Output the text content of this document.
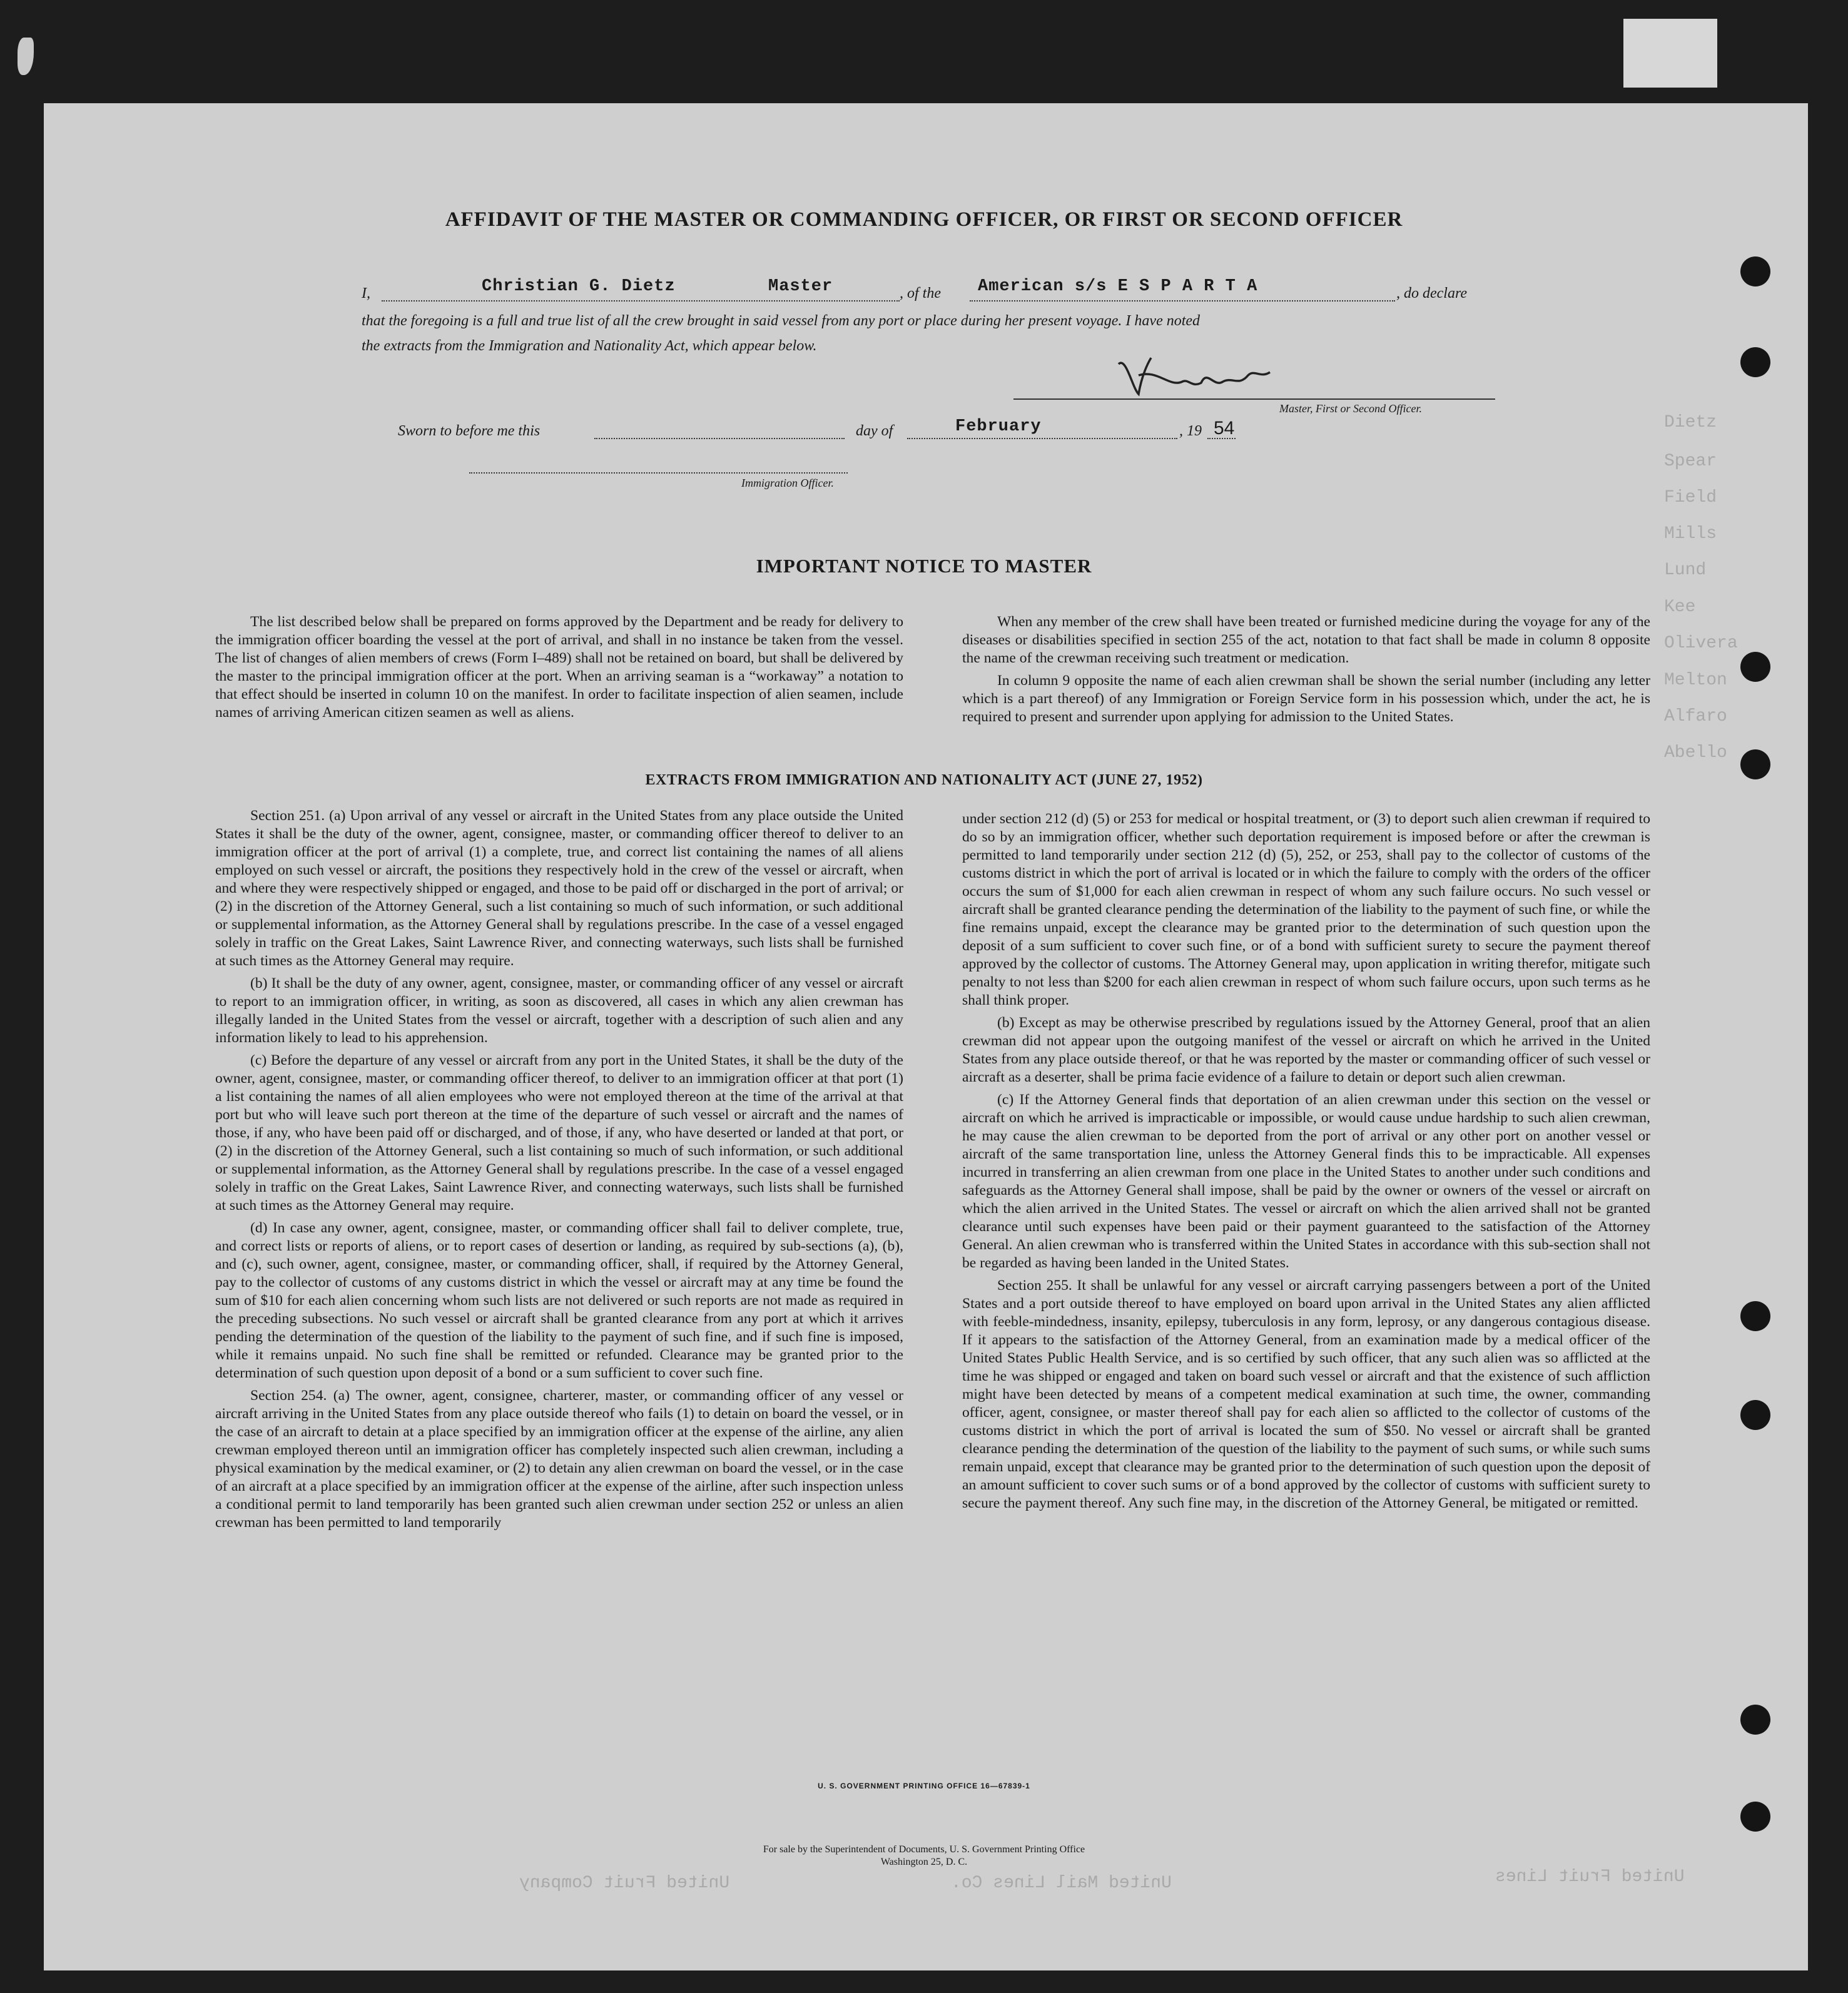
United Fruit Company	United Mail Lines Co.	United Fruit Lines
Dietz
Spear
Field
Mills
Lund
Kee
Olivera
Melton
Alfaro
Abello
AFFIDAVIT OF THE MASTER OR COMMANDING OFFICER, OR FIRST OR SECOND OFFICER
I,	Christian G. Dietz	Master	, of the American s/s E S P A R T A	, do declare
that the foregoing is a full and true list of all the crew brought in said vessel from any port or place during her present voyage. I have noted
the extracts from the Immigration and Nationality Act, which appear below.
Master, First or Second Officer.
Sworn to before me this	day of	February	, 19 54
Immigration Officer.
IMPORTANT NOTICE TO MASTER

The list described below shall be prepared on forms approved by the Department and be ready for delivery to the immigration officer boarding the vessel at the port of arrival, and shall in no instance be taken from the vessel. The list of changes of alien members of crews (Form I–489) shall not be retained on board, but shall be delivered by the master to the principal immigration officer at the port. When an arriving seaman is a “workaway” a notation to that effect should be inserted in column 10 on the manifest. In order to facilitate inspection of alien seamen, include names of arriving American citizen seamen as well as aliens.

When any member of the crew shall have been treated or furnished medicine during the voyage for any of the diseases or disabilities specified in section 255 of the act, notation to that fact shall be made in column 8 opposite the name of the crewman receiving such treatment or medication.

In column 9 opposite the name of each alien crewman shall be shown the serial number (including any letter which is a part thereof) of any Immigration or Foreign Service form in his possession which, under the act, he is required to present and surrender upon applying for admission to the United States.

EXTRACTS FROM IMMIGRATION AND NATIONALITY ACT (JUNE 27, 1952)

Section 251. (a) Upon arrival of any vessel or aircraft in the United States from any place outside the United States it shall be the duty of the owner, agent, consignee, master, or commanding officer thereof to deliver to an immigration officer at the port of arrival (1) a complete, true, and correct list containing the names of all aliens employed on such vessel or aircraft, the positions they respectively hold in the crew of the vessel or aircraft, when and where they were respectively shipped or engaged, and those to be paid off or discharged in the port of arrival; or (2) in the discretion of the Attorney General, such a list containing so much of such information, or such additional or supplemental information, as the Attorney General shall by regulations prescribe. In the case of a vessel engaged solely in traffic on the Great Lakes, Saint Lawrence River, and connecting waterways, such lists shall be furnished at such times as the Attorney General may require.

(b) It shall be the duty of any owner, agent, consignee, master, or commanding officer of any vessel or aircraft to report to an immigration officer, in writing, as soon as discovered, all cases in which any alien crewman has illegally landed in the United States from the vessel or aircraft, together with a description of such alien and any information likely to lead to his apprehension.

(c) Before the departure of any vessel or aircraft from any port in the United States, it shall be the duty of the owner, agent, consignee, master, or commanding officer thereof, to deliver to an immigration officer at that port (1) a list containing the names of all alien employees who were not employed thereon at the time of the arrival at that port but who will leave such port thereon at the time of the departure of such vessel or aircraft and the names of those, if any, who have been paid off or discharged, and of those, if any, who have deserted or landed at that port, or (2) in the discretion of the Attorney General, such a list containing so much of such information, or such additional or supplemental information, as the Attorney General shall by regulations prescribe. In the case of a vessel engaged solely in traffic on the Great Lakes, Saint Lawrence River, and connecting waterways, such lists shall be furnished at such times as the Attorney General may require.

(d) In case any owner, agent, consignee, master, or commanding officer shall fail to deliver complete, true, and correct lists or reports of aliens, or to report cases of desertion or landing, as required by sub-sections (a), (b), and (c), such owner, agent, consignee, master, or commanding officer, shall, if required by the Attorney General, pay to the collector of customs of any customs district in which the vessel or aircraft may at any time be found the sum of $10 for each alien concerning whom such lists are not delivered or such reports are not made as required in the preceding subsections. No such vessel or aircraft shall be granted clearance from any port at which it arrives pending the determination of the question of the liability to the payment of such fine, and if such fine is imposed, while it remains unpaid. No such fine shall be remitted or refunded. Clearance may be granted prior to the determination of such question upon deposit of a bond or a sum sufficient to cover such fine.

Section 254. (a) The owner, agent, consignee, charterer, master, or commanding officer of any vessel or aircraft arriving in the United States from any place outside thereof who fails (1) to detain on board the vessel, or in the case of an aircraft to detain at a place specified by an immigration officer at the expense of the airline, any alien crewman employed thereon until an immigration officer has completely inspected such alien crewman, including a physical examination by the medical examiner, or (2) to detain any alien crewman on board the vessel, or in the case of an aircraft at a place specified by an immigration officer at the expense of the airline, after such inspection unless a conditional permit to land temporarily has been granted such alien crewman under section 252 or unless an alien crewman has been permitted to land temporarily

under section 212 (d) (5) or 253 for medical or hospital treatment, or (3) to deport such alien crewman if required to do so by an immigration officer, whether such deportation requirement is imposed before or after the crewman is permitted to land temporarily under section 212 (d) (5), 252, or 253, shall pay to the collector of customs of the customs district in which the port of arrival is located or in which the failure to comply with the orders of the officer occurs the sum of $1,000 for each alien crewman in respect of whom any such failure occurs. No such vessel or aircraft shall be granted clearance pending the determination of the liability to the payment of such fine, or while the fine remains unpaid, except the clearance may be granted prior to the determination of such question upon the deposit of a sum sufficient to cover such fine, or of a bond with sufficient surety to secure the payment thereof approved by the collector of customs. The Attorney General may, upon application in writing therefor, mitigate such penalty to not less than $200 for each alien crewman in respect of whom such failure occurs, upon such terms as he shall think proper.

(b) Except as may be otherwise prescribed by regulations issued by the Attorney General, proof that an alien crewman did not appear upon the outgoing manifest of the vessel or aircraft on which he arrived in the United States from any place outside thereof, or that he was reported by the master or commanding officer of such vessel or aircraft as a deserter, shall be prima facie evidence of a failure to detain or deport such alien crewman.

(c) If the Attorney General finds that deportation of an alien crewman under this section on the vessel or aircraft on which he arrived is impracticable or impossible, or would cause undue hardship to such alien crewman, he may cause the alien crewman to be deported from the port of arrival or any other port on another vessel or aircraft of the same transportation line, unless the Attorney General finds this to be impracticable. All expenses incurred in transferring an alien crewman from one place in the United States to another under such conditions and safeguards as the Attorney General shall impose, shall be paid by the owner or owners of the vessel or aircraft on which the alien arrived in the United States. The vessel or aircraft on which the alien arrived shall not be granted clearance until such expenses have been paid or their payment guaranteed to the satisfaction of the Attorney General. An alien crewman who is transferred within the United States in accordance with this sub-section shall not be regarded as having been landed in the United States.

Section 255. It shall be unlawful for any vessel or aircraft carrying passengers between a port of the United States and a port outside thereof to have employed on board upon arrival in the United States any alien afflicted with feeble-mindedness, insanity, epilepsy, tuberculosis in any form, leprosy, or any dangerous contagious disease. If it appears to the satisfaction of the Attorney General, from an examination made by a medical officer of the United States Public Health Service, and is so certified by such officer, that any such alien was so afflicted at the time he was shipped or engaged and taken on board such vessel or aircraft and that the existence of such affliction might have been detected by means of a competent medical examination at such time, the owner, commanding officer, agent, consignee, or master thereof shall pay for each alien so afflicted to the collector of customs of the customs district in which the port of arrival is located the sum of $50. No vessel or aircraft shall be granted clearance pending the determination of the question of the liability to the payment of such sums, or while such sums remain unpaid, except that clearance may be granted prior to the determination of such question upon the deposit of an amount sufficient to cover such sums or of a bond approved by the collector of customs with sufficient surety to secure the payment thereof. Any such fine may, in the discretion of the Attorney General, be mitigated or remitted.

U. S. GOVERNMENT PRINTING OFFICE 16—67839-1
For sale by the Superintendent of Documents, U. S. Government Printing Office
Washington 25, D. C.
